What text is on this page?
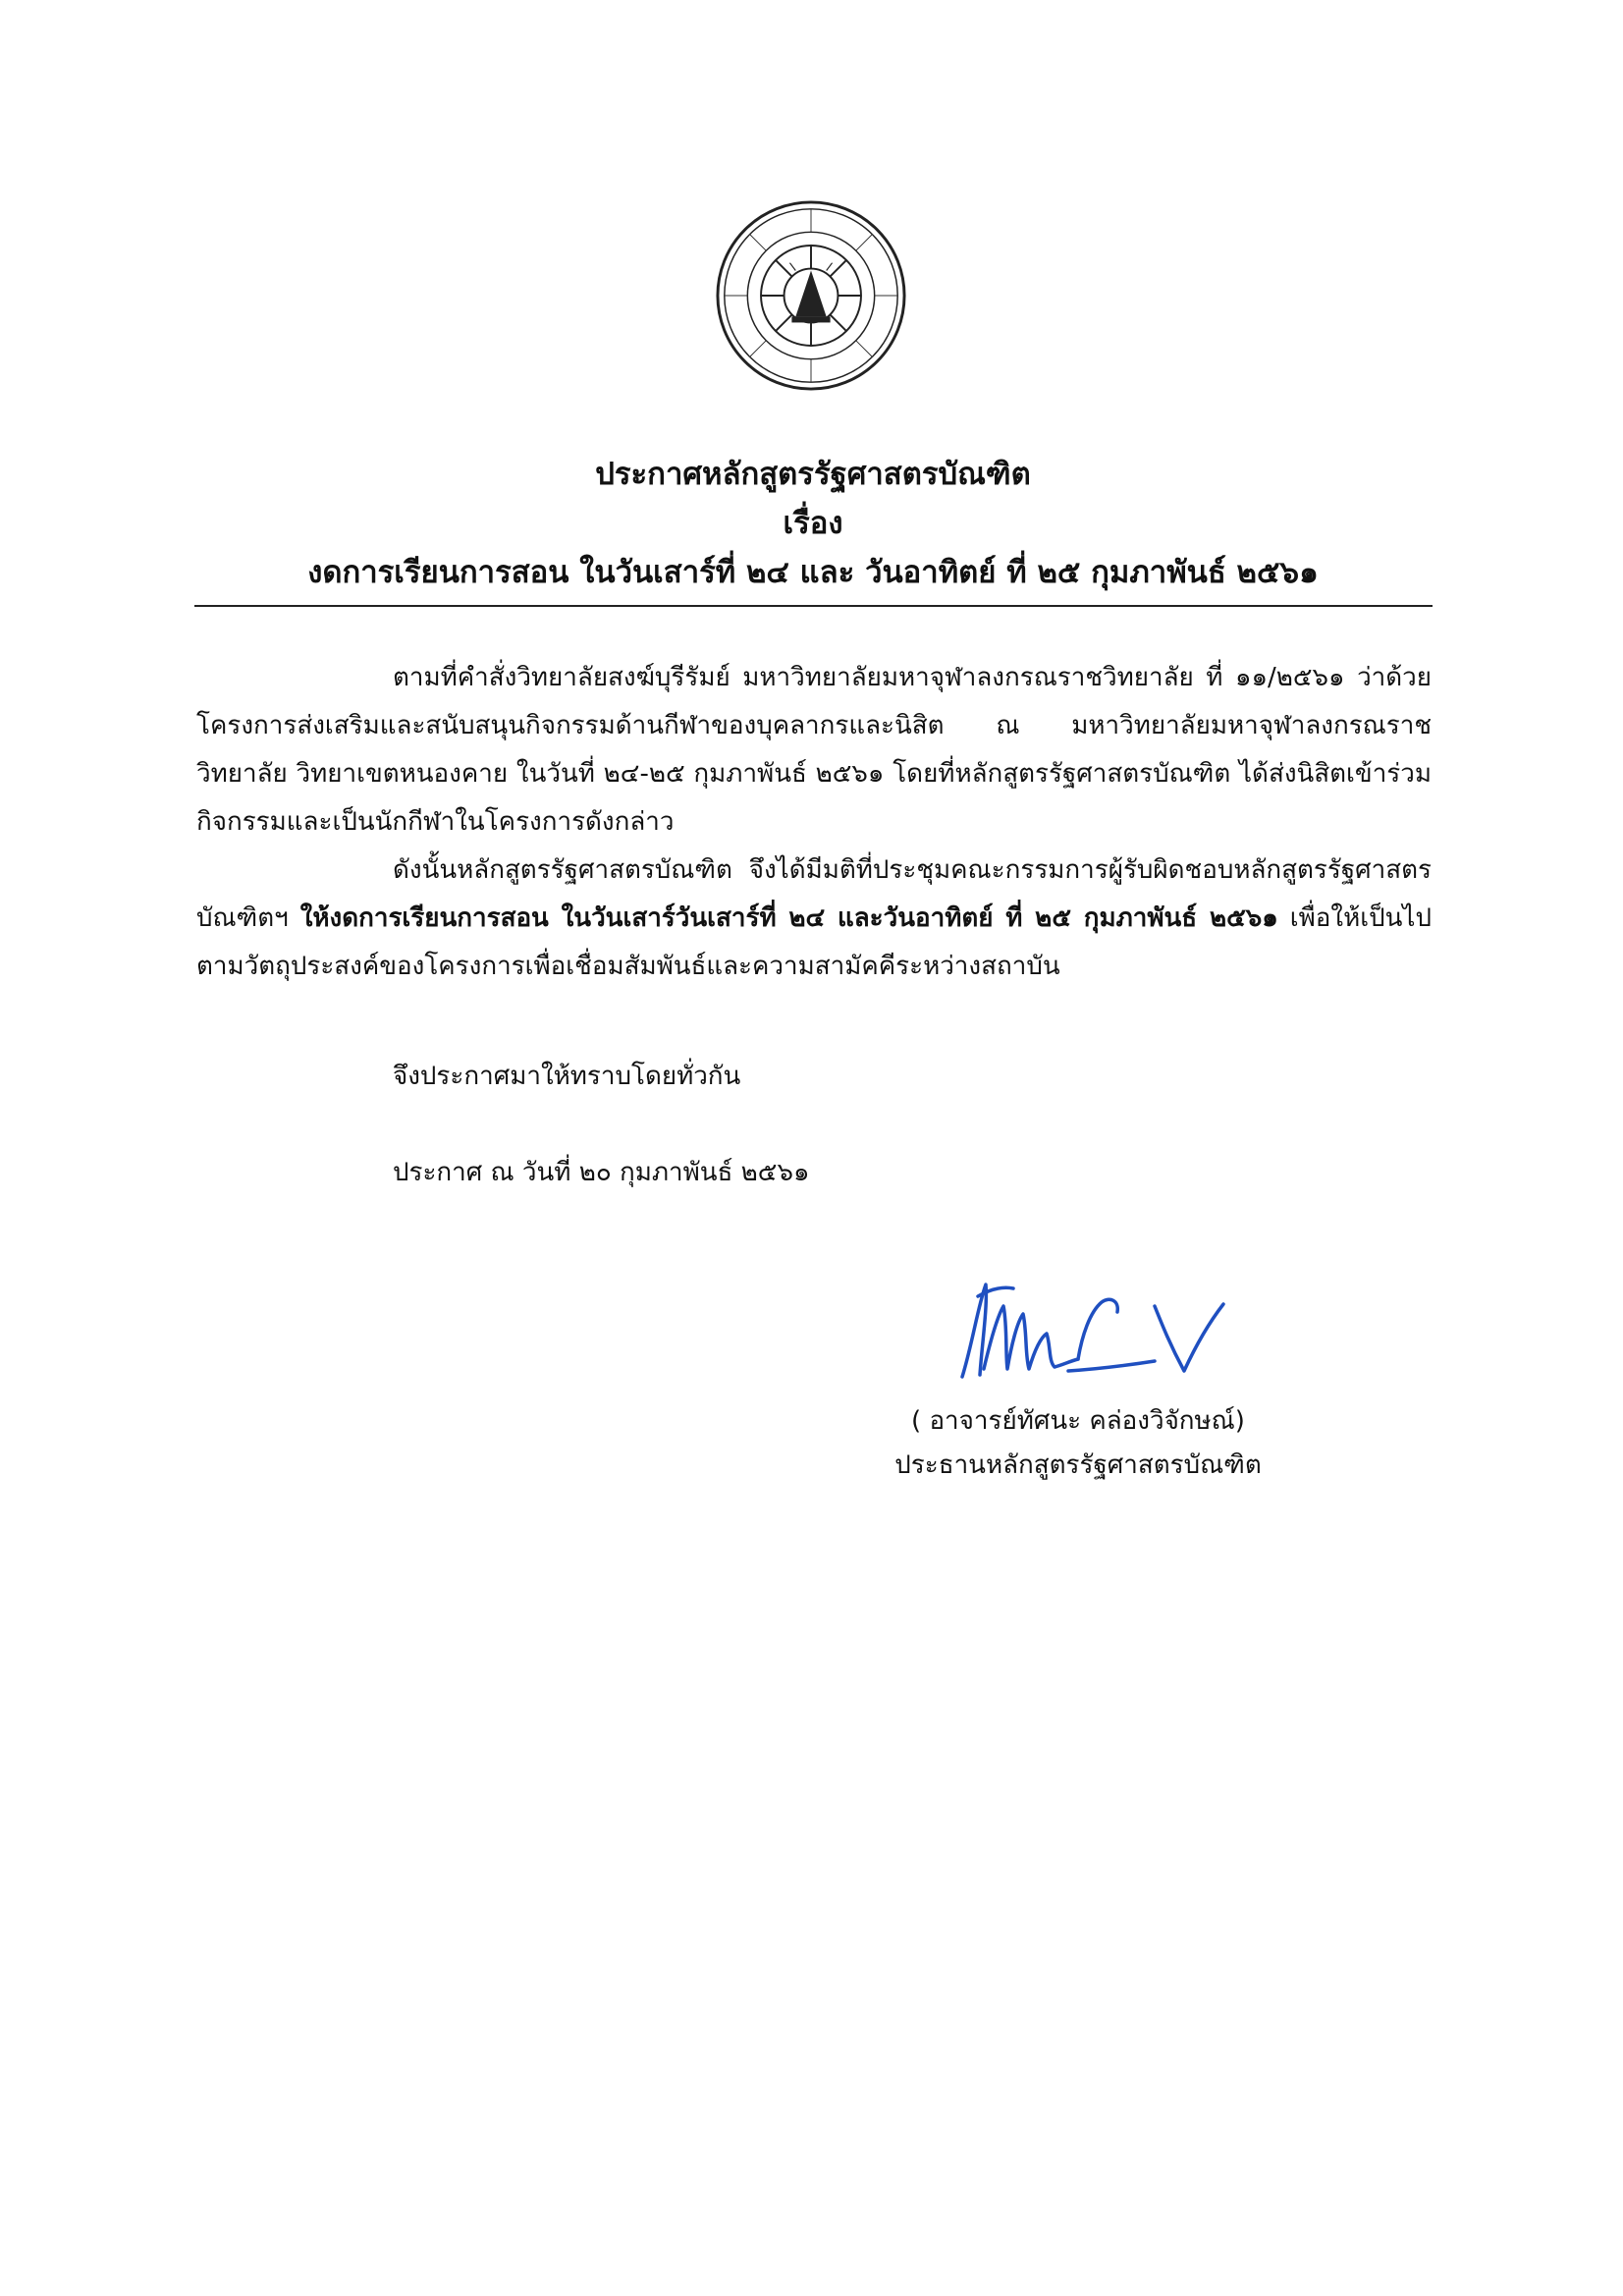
ประกาศหลักสูตรรัฐศาสตรบัณฑิต
เรื่อง
งดการเรียนการสอน ในวันเสาร์ที่ ๒๔ และ วันอาทิตย์ ที่ ๒๕ กุมภาพันธ์ ๒๕๖๑

ตามที่คำสั่งวิทยาลัยสงฆ์บุรีรัมย์ มหาวิทยาลัยมหาจุฬาลงกรณราชวิทยาลัย ที่ ๑๑/๒๕๖๑ ว่าด้วย โครงการส่งเสริมและสนับสนุนกิจกรรมด้านกีฬาของบุคลากรและนิสิต ณ มหาวิทยาลัยมหาจุฬาลงกรณราชวิทยาลัย วิทยาเขตหนองคาย ในวันที่ ๒๔-๒๕ กุมภาพันธ์ ๒๕๖๑ โดยที่หลักสูตรรัฐศาสตรบัณฑิต ได้ส่งนิสิตเข้าร่วมกิจกรรมและเป็นนักกีฬาในโครงการดังกล่าว

ดังนั้นหลักสูตรรัฐศาสตรบัณฑิต จึงได้มีมติที่ประชุมคณะกรรมการผู้รับผิดชอบหลักสูตรรัฐศาสตรบัณฑิตฯ ให้งดการเรียนการสอน ในวันเสาร์วันเสาร์ที่ ๒๔ และวันอาทิตย์ ที่ ๒๕ กุมภาพันธ์ ๒๕๖๑ เพื่อให้เป็นไปตามวัตถุประสงค์ของโครงการเพื่อเชื่อมสัมพันธ์และความสามัคคีระหว่างสถาบัน

จึงประกาศมาให้ทราบโดยทั่วกัน
ประกาศ ณ วันที่ ๒๐ กุมภาพันธ์ ๒๕๖๑
( อาจารย์ทัศนะ คล่องวิจักษณ์)
ประธานหลักสูตรรัฐศาสตรบัณฑิต
